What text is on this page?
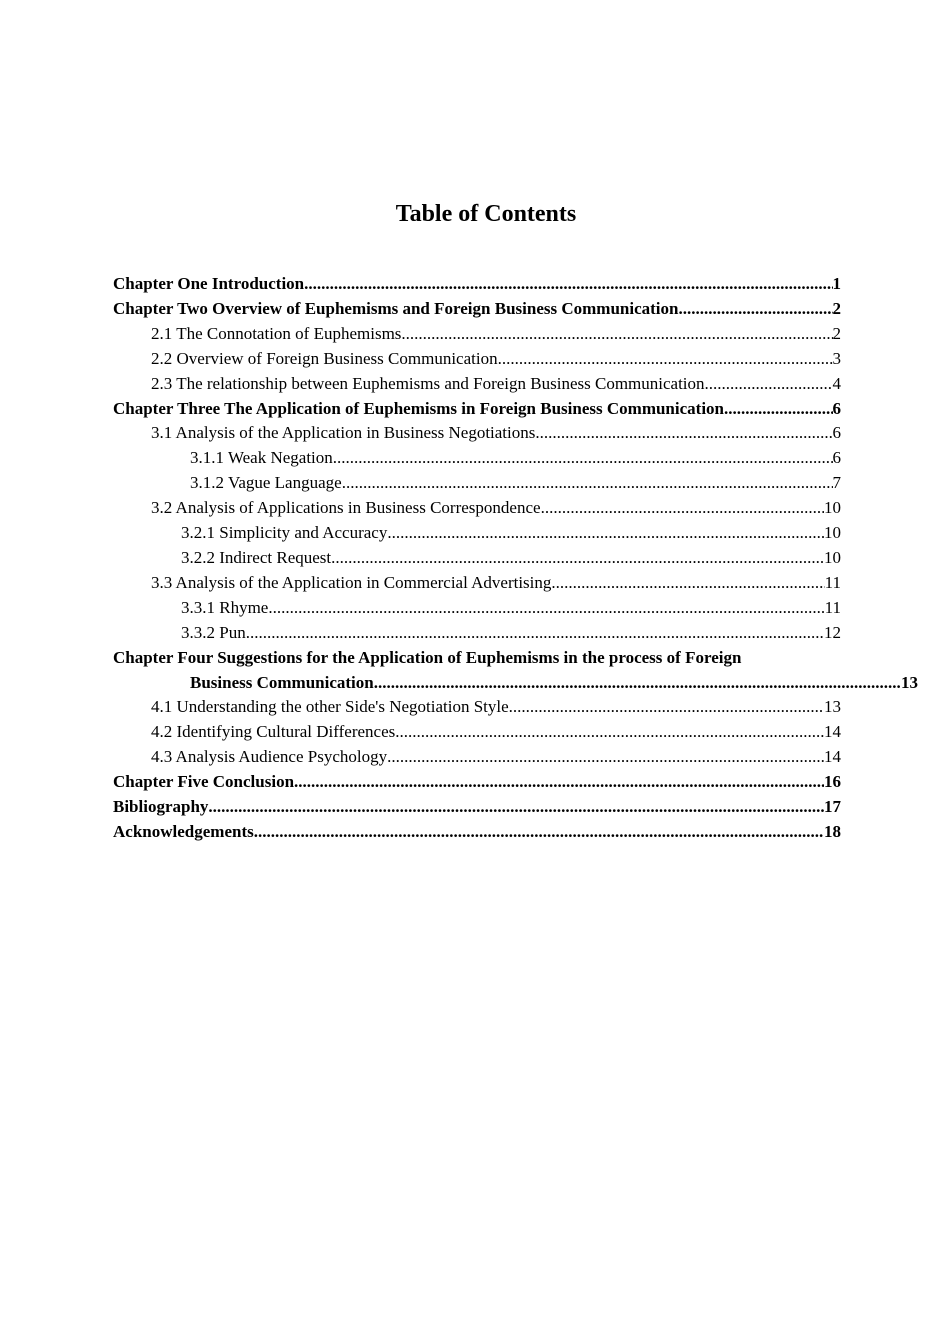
Table of Contents
Chapter One Introduction .....	1
Chapter Two Overview of Euphemisms and Foreign Business Communication .....	2
2.1 The Connotation of Euphemisms .....	2
2.2 Overview of Foreign Business Communication .....	3
2.3 The relationship between Euphemisms and Foreign Business Communication .....	4
Chapter Three The Application of Euphemisms in Foreign Business Communication .....	6
3.1 Analysis of the Application in Business Negotiations .....	6
3.1.1 Weak Negation .....	6
3.1.2 Vague Language .....	7
3.2 Analysis of Applications in Business Correspondence .....	10
3.2.1 Simplicity and Accuracy .....	10
3.2.2 Indirect Request .....	10
3.3 Analysis of the Application in Commercial Advertising .....	11
3.3.1 Rhyme .....	11
3.3.2 Pun .....	12
Chapter Four Suggestions for the Application of Euphemisms in the process of Foreign
Business Communication .....	13
4.1 Understanding the other Side's Negotiation Style .....	13
4.2 Identifying Cultural Differences .....	14
4.3 Analysis Audience Psychology .....	14
Chapter Five Conclusion .....	16
Bibliography .....	17
Acknowledgements .....	18
